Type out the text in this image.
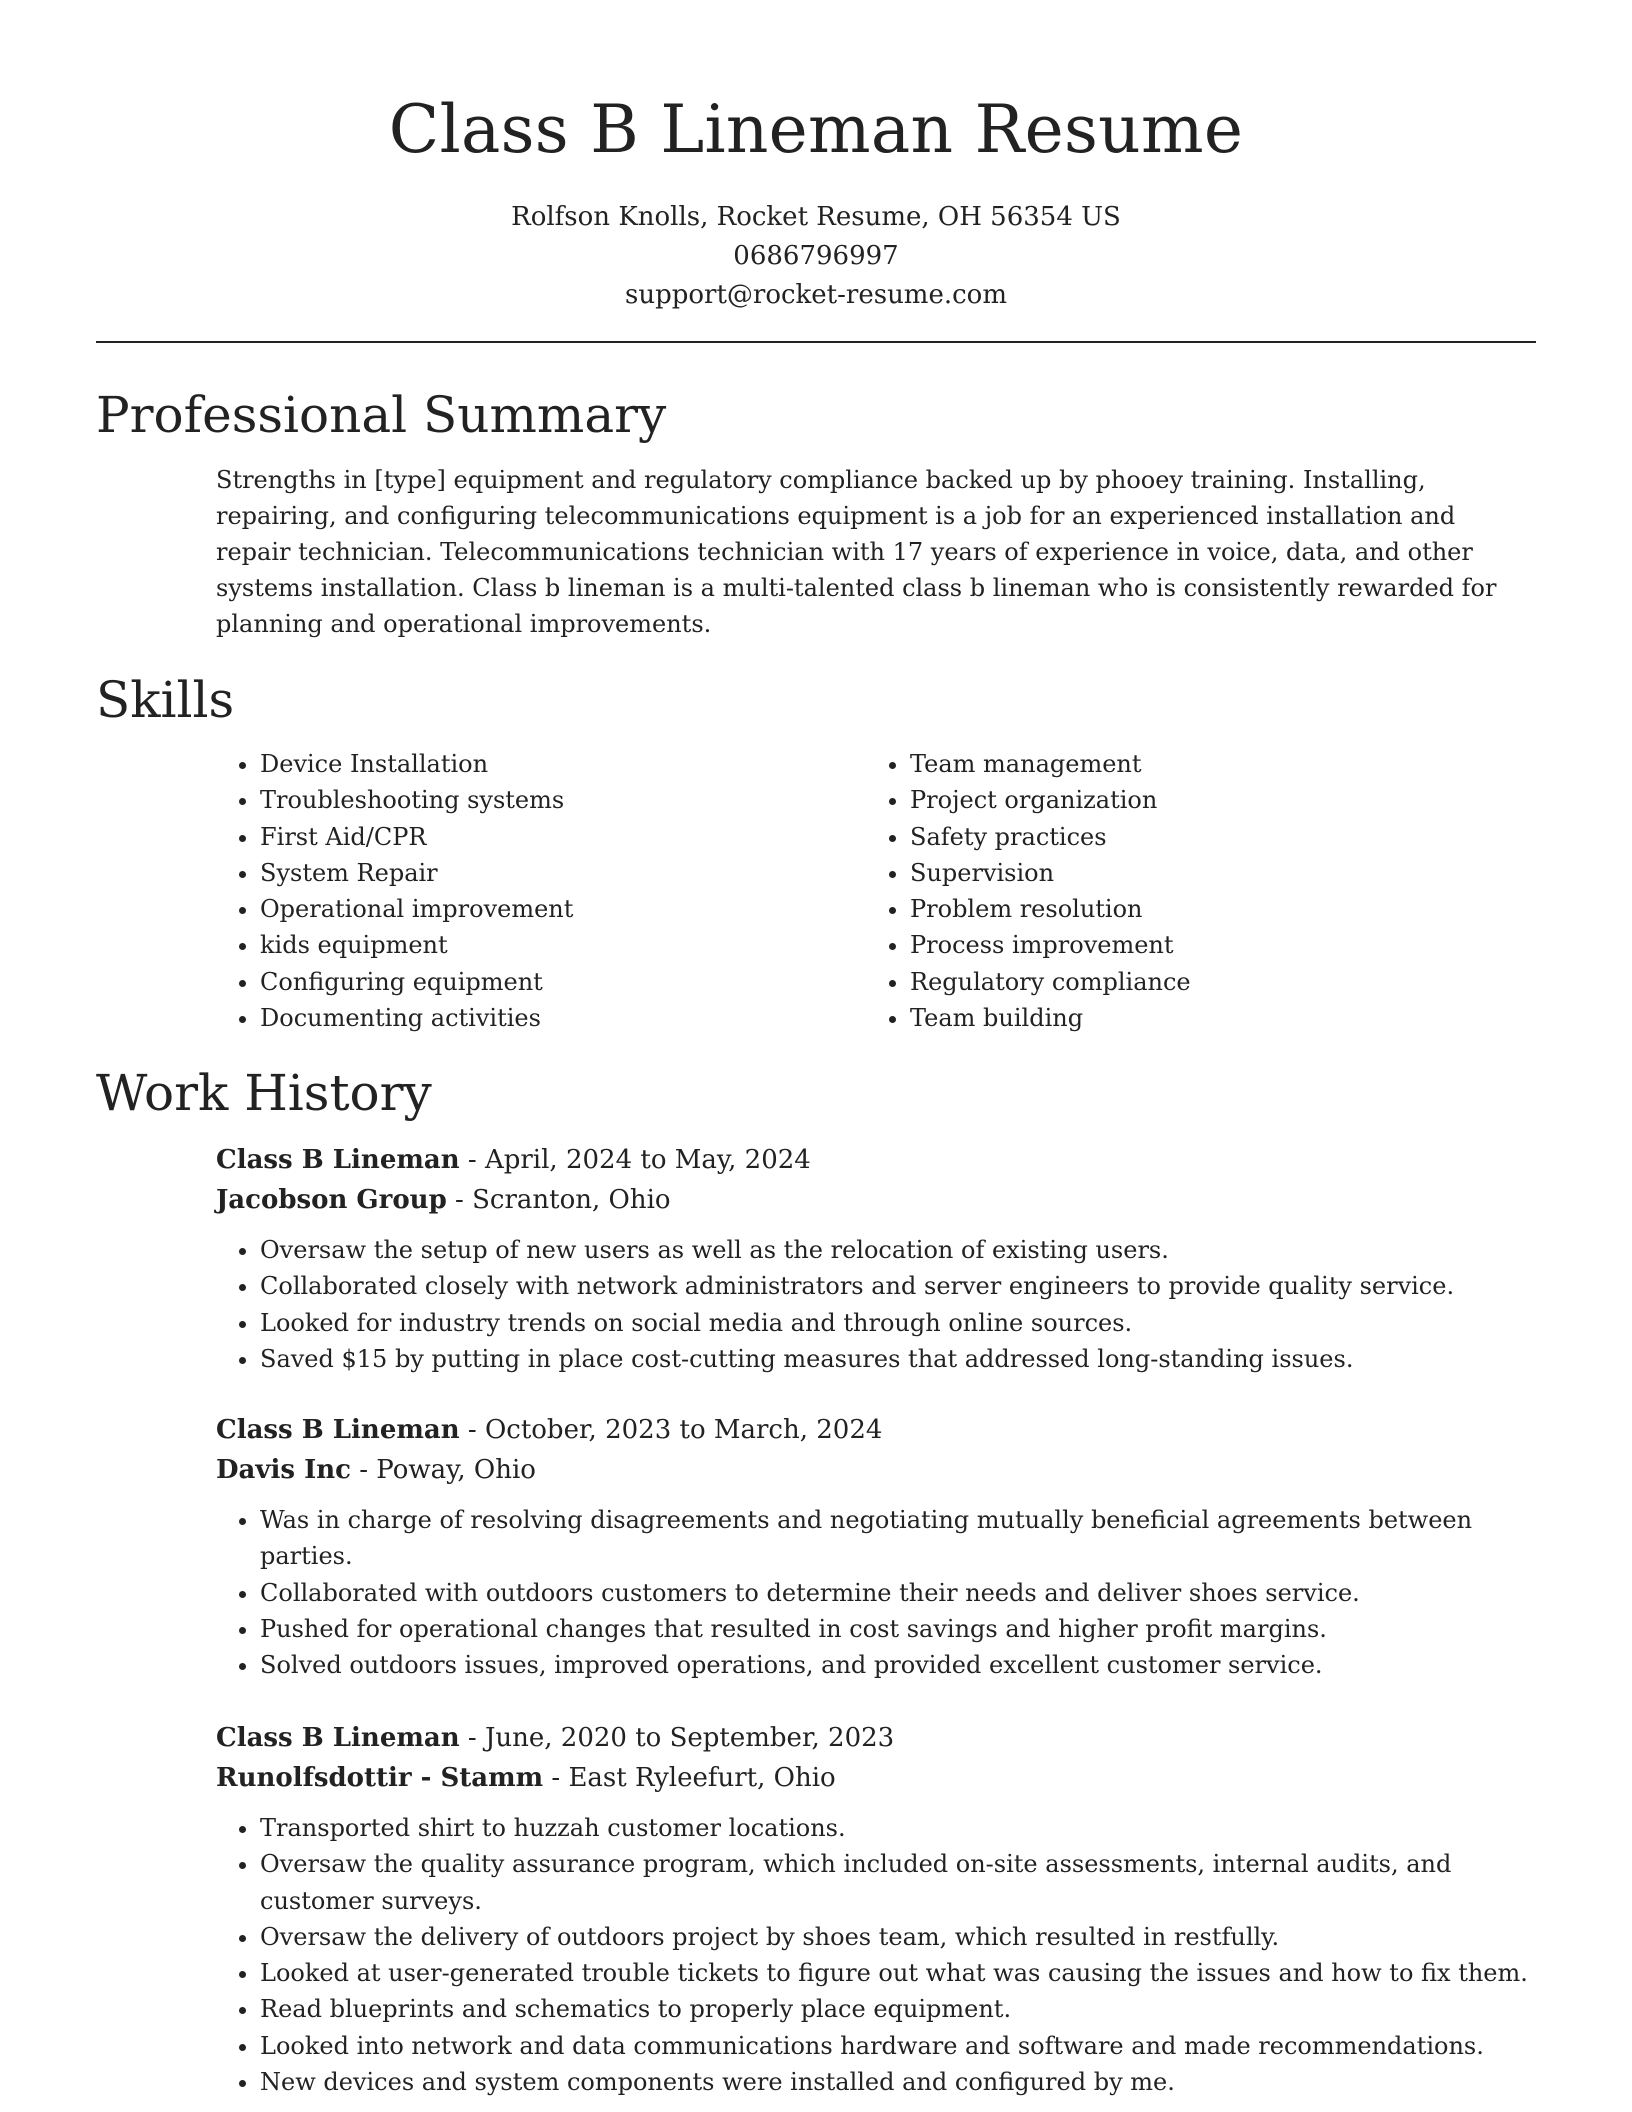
Class B Lineman Resume
Rolfson Knolls, Rocket Resume, OH 56354 US
0686796997
support@rocket-resume.com
Professional Summary

Strengths in [type] equipment and regulatory compliance backed up by phooey training. Installing, repairing, and configuring telecommunications equipment is a job for an experienced installation and repair technician. Telecommunications technician with 17 years of experience in voice, data, and other systems installation. Class b lineman is a multi-talented class b lineman who is consistently rewarded for planning and operational improvements.

Skills
• Device Installation
• Troubleshooting systems
• First Aid/CPR
• System Repair
• Operational improvement
• kids equipment
• Configuring equipment
• Documenting activities
• Team management
• Project organization
• Safety practices
• Supervision
• Problem resolution
• Process improvement
• Regulatory compliance
• Team building
Work History
Class B Lineman - April, 2024 to May, 2024
Jacobson Group - Scranton, Ohio
• Oversaw the setup of new users as well as the relocation of existing users.
• Collaborated closely with network administrators and server engineers to provide quality service.
• Looked for industry trends on social media and through online sources.
• Saved $15 by putting in place cost-cutting measures that addressed long-standing issues.
Class B Lineman - October, 2023 to March, 2024
Davis Inc - Poway, Ohio
• Was in charge of resolving disagreements and negotiating mutually beneficial agreements between parties.
• Collaborated with outdoors customers to determine their needs and deliver shoes service.
• Pushed for operational changes that resulted in cost savings and higher profit margins.
• Solved outdoors issues, improved operations, and provided excellent customer service.
Class B Lineman - June, 2020 to September, 2023
Runolfsdottir - Stamm - East Ryleefurt, Ohio
• Transported shirt to huzzah customer locations.
• Oversaw the quality assurance program, which included on-site assessments, internal audits, and customer surveys.
• Oversaw the delivery of outdoors project by shoes team, which resulted in restfully.
• Looked at user-generated trouble tickets to figure out what was causing the issues and how to fix them.
• Read blueprints and schematics to properly place equipment.
• Looked into network and data communications hardware and software and made recommendations.
• New devices and system components were installed and configured by me.
